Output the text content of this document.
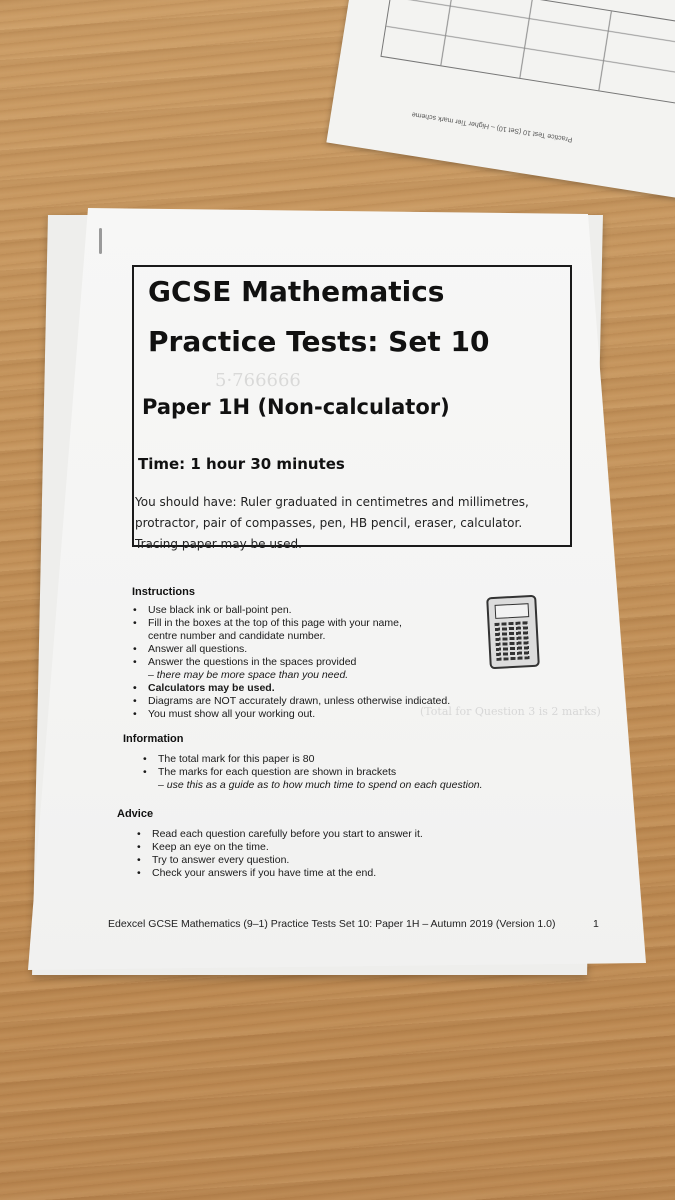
Practice Test 10 (Set 10) – Higher Tier mark scheme
5·766666
(Total for Question 3 is 2 marks)
GCSE Mathematics
Practice Tests: Set 10
Paper 1H (Non-calculator)
Time: 1 hour 30 minutes
You should have: Ruler graduated in centimetres and millimetres, protractor, pair of compasses, pen, HB pencil, eraser, calculator. Tracing paper may be used.
Instructions
• Use black ink or ball-point pen.
• Fill in the boxes at the top of this page with your name,
centre number and candidate number.
• Answer all questions.
• Answer the questions in the spaces provided
– there may be more space than you need.
• Calculators may be used.
• Diagrams are NOT accurately drawn, unless otherwise indicated.
• You must show all your working out.
Information
• The total mark for this paper is 80
• The marks for each question are shown in brackets
– use this as a guide as to how much time to spend on each question.
Advice
• Read each question carefully before you start to answer it.
• Keep an eye on the time.
• Try to answer every question.
• Check your answers if you have time at the end.
Edexcel GCSE Mathematics (9–1) Practice Tests Set 10: Paper 1H – Autumn 2019 (Version 1.0)	1
